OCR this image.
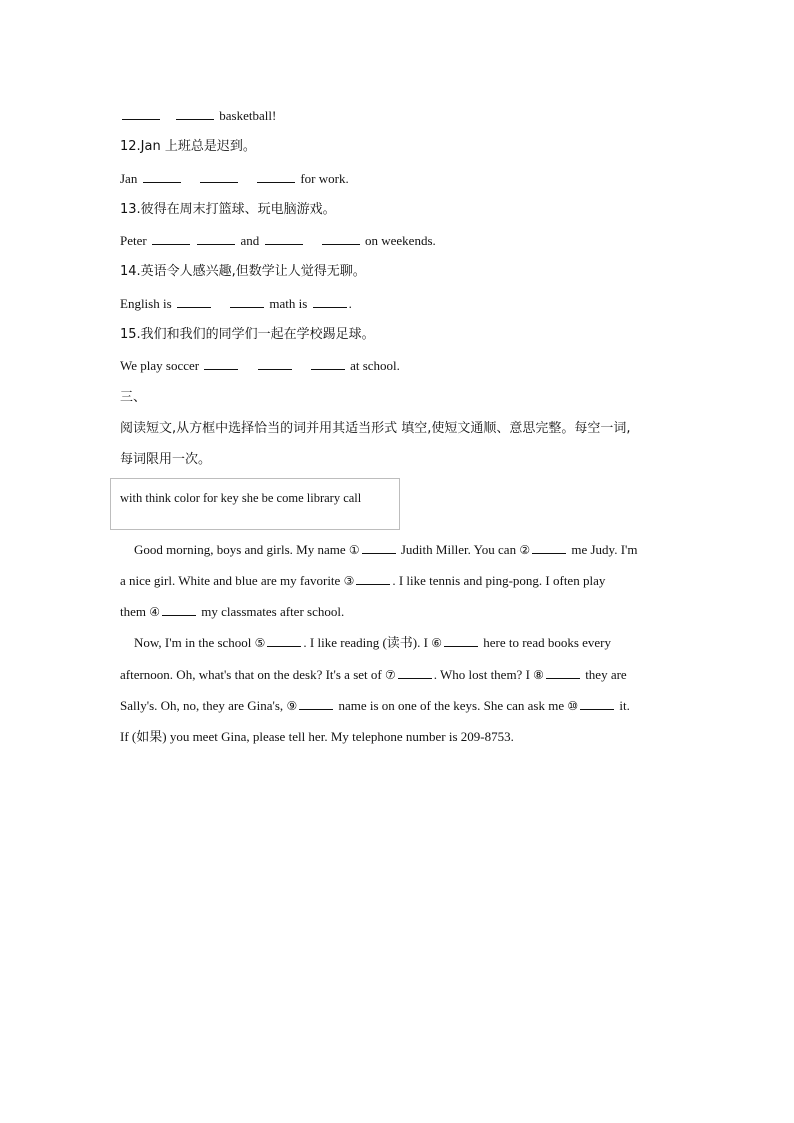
basketball!
12.Jan 上班总是迟到。
Jan	for work.
13.彼得在周末打篮球、玩电脑游戏。
Peter	and	on weekends.
14.英语令人感兴趣,但数学让人觉得无聊。
English is	math is	.
15.我们和我们的同学们一起在学校踢足球。
We play soccer	at school.
三、
阅读短文,从方框中选择恰当的词并用其适当形式 填空,使短文通顺、意思完整。每空一词,
每词限用一次。
with think color for key she be come library call
Good morning, boys and girls. My name ①	Judith Miller. You can ②	me Judy. I'm
a nice girl. White and blue are my favorite ③	. I like tennis and ping-pong. I often play
them ④	my classmates after school.
Now, I'm in the school ⑤	. I like reading (读书). I ⑥	here to read books every
afternoon. Oh, what's that on the desk? It's a set of ⑦	. Who lost them? I ⑧	they are
Sally's. Oh, no, they are Gina's, ⑨	name is on one of the keys. She can ask me ⑩	it.
If (如果) you meet Gina, please tell her. My telephone number is 209-8753.
